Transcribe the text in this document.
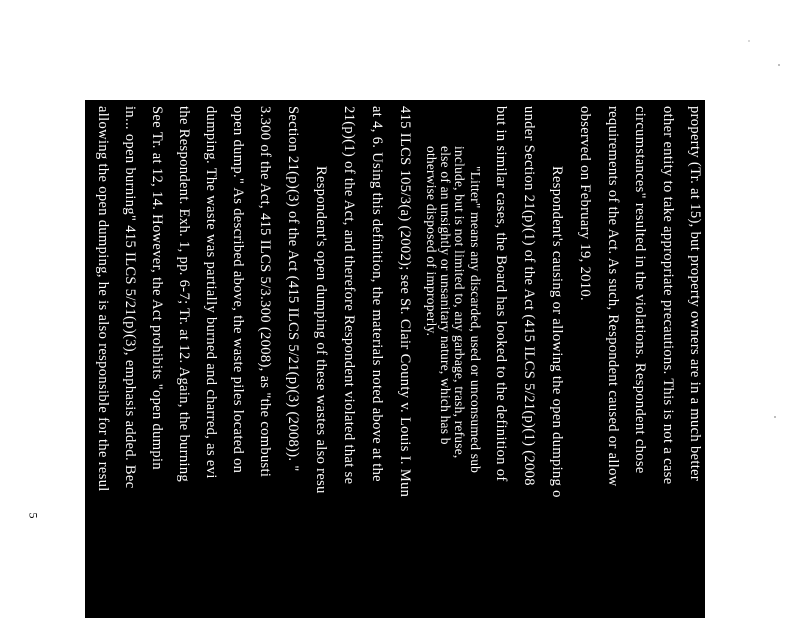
property (Tr. at 15), but property owners are in a much better
other entity to take appropriate precautions. This is not a case
circumstances" resulted in the violations. Respondent chose
requirements of the Act. As such, Respondent caused or allow
observed on February 19, 2010.
Respondent's causing or allowing the open dumping o
under Section 21(p)(1) of the Act (415 ILCS 5/21(p)(1) (2008
but in similar cases, the Board has looked to the definition of
"Litter" means any discarded, used or unconsumed sub
include, but is not limited to, any garbage, trash, refuse,
else of an unsightly or unsanitary nature, which has b
otherwise disposed of improperly.
415 ILCS 105/3(a) (2002); see St. Clair County v. Louis I. Mun
at 4, 6. Using this definition, the materials noted above at the
21(p)(1) of the Act, and therefore Respondent violated that se
Respondent's open dumping of these wastes also resu
Section 21(p)(3) of the Act (415 ILCS 5/21(p)(3) (2008)). "
3.300 of the Act, 415 ILCS 5/3.300 (2008), as "the combusti
open dump." As described above, the waste piles located on
dumping. The waste was partially burned and charred, as evi
the Respondent. Exh. 1, pp. 6-7; Tr. at 12. Again, the burning
See Tr. at 12, 14. However, the Act prohibits "open dumpin
in... open burning" 415 ILCS 5/21(p)(3), emphasis added. Bec
allowing the open dumping, he is also responsible for the resul
5
